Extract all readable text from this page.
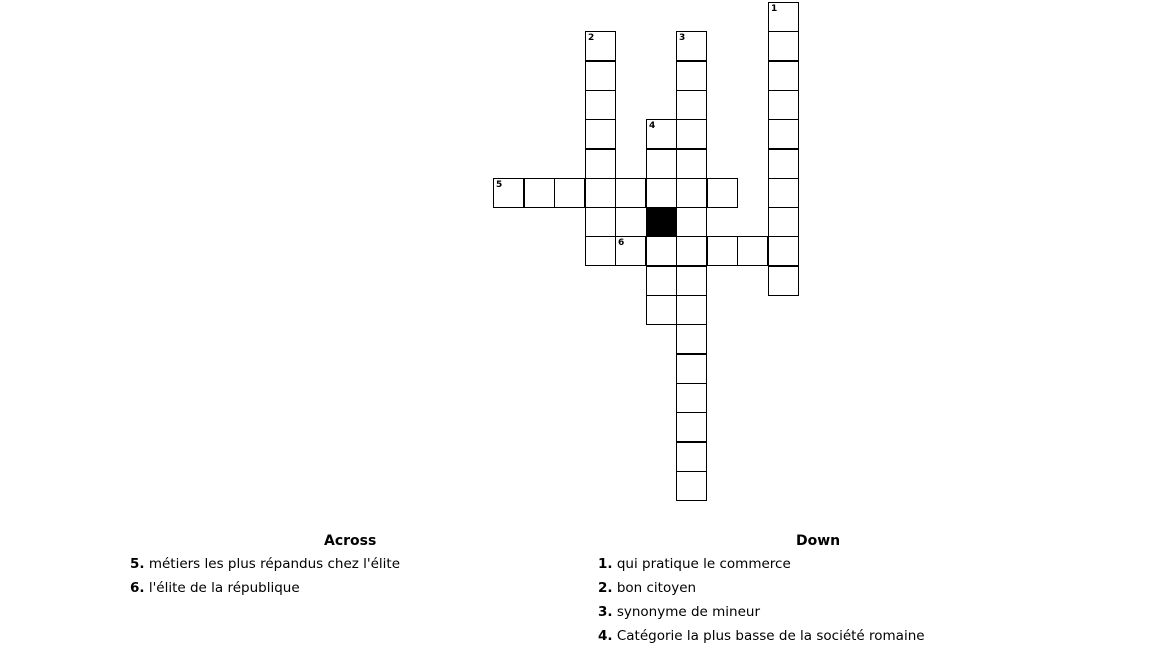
1
2	3
4
5
6
Across
5. métiers les plus répandus chez l'élite
6. l'élite de la république
Down
1. qui pratique le commerce
2. bon citoyen
3. synonyme de mineur
4. Catégorie la plus basse de la société romaine
